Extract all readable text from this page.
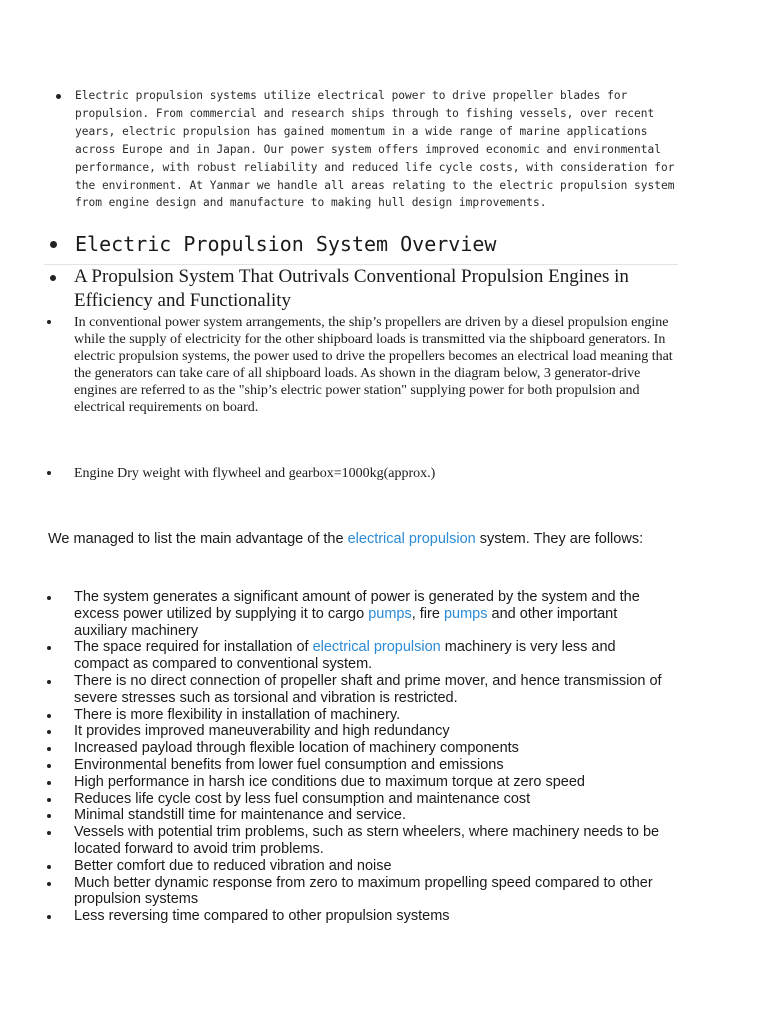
Electric propulsion systems utilize electrical power to drive propeller blades for propulsion. From commercial and research ships through to fishing vessels, over recent years, electric propulsion has gained momentum in a wide range of marine applications across Europe and in Japan. Our power system offers improved economic and environmental performance, with robust reliability and reduced life cycle costs, with consideration for the environment. At Yanmar we handle all areas relating to the electric propulsion system from engine design and manufacture to making hull design improvements.
Electric Propulsion System Overview
A Propulsion System That Outrivals Conventional Propulsion Engines in Efficiency and Functionality
In conventional power system arrangements, the ship’s propellers are driven by a diesel propulsion engine while the supply of electricity for the other shipboard loads is transmitted via the shipboard generators. In electric propulsion systems, the power used to drive the propellers becomes an electrical load meaning that the generators can take care of all shipboard loads. As shown in the diagram below, 3 generator-drive engines are referred to as the "ship’s electric power station" supplying power for both propulsion and electrical requirements on board.
Engine Dry weight with flywheel and gearbox=1000kg(approx.)

We managed to list the main advantage of the electrical propulsion system. They are follows:

The system generates a significant amount of power is generated by the system and the excess power utilized by supplying it to cargo pumps, fire pumps and other important auxiliary machinery
The space required for installation of electrical propulsion machinery is very less and compact as compared to conventional system.
There is no direct connection of propeller shaft and prime mover, and hence transmission of severe stresses such as torsional and vibration is restricted.
There is more flexibility in installation of machinery.
It provides improved maneuverability and high redundancy
Increased payload through flexible location of machinery components
Environmental benefits from lower fuel consumption and emissions
High performance in harsh ice conditions due to maximum torque at zero speed
Reduces life cycle cost by less fuel consumption and maintenance cost
Minimal standstill time for maintenance and service.
Vessels with potential trim problems, such as stern wheelers, where machinery needs to be located forward to avoid trim problems.
Better comfort due to reduced vibration and noise
Much better dynamic response from zero to maximum propelling speed compared to other propulsion systems
Less reversing time compared to other propulsion systems
